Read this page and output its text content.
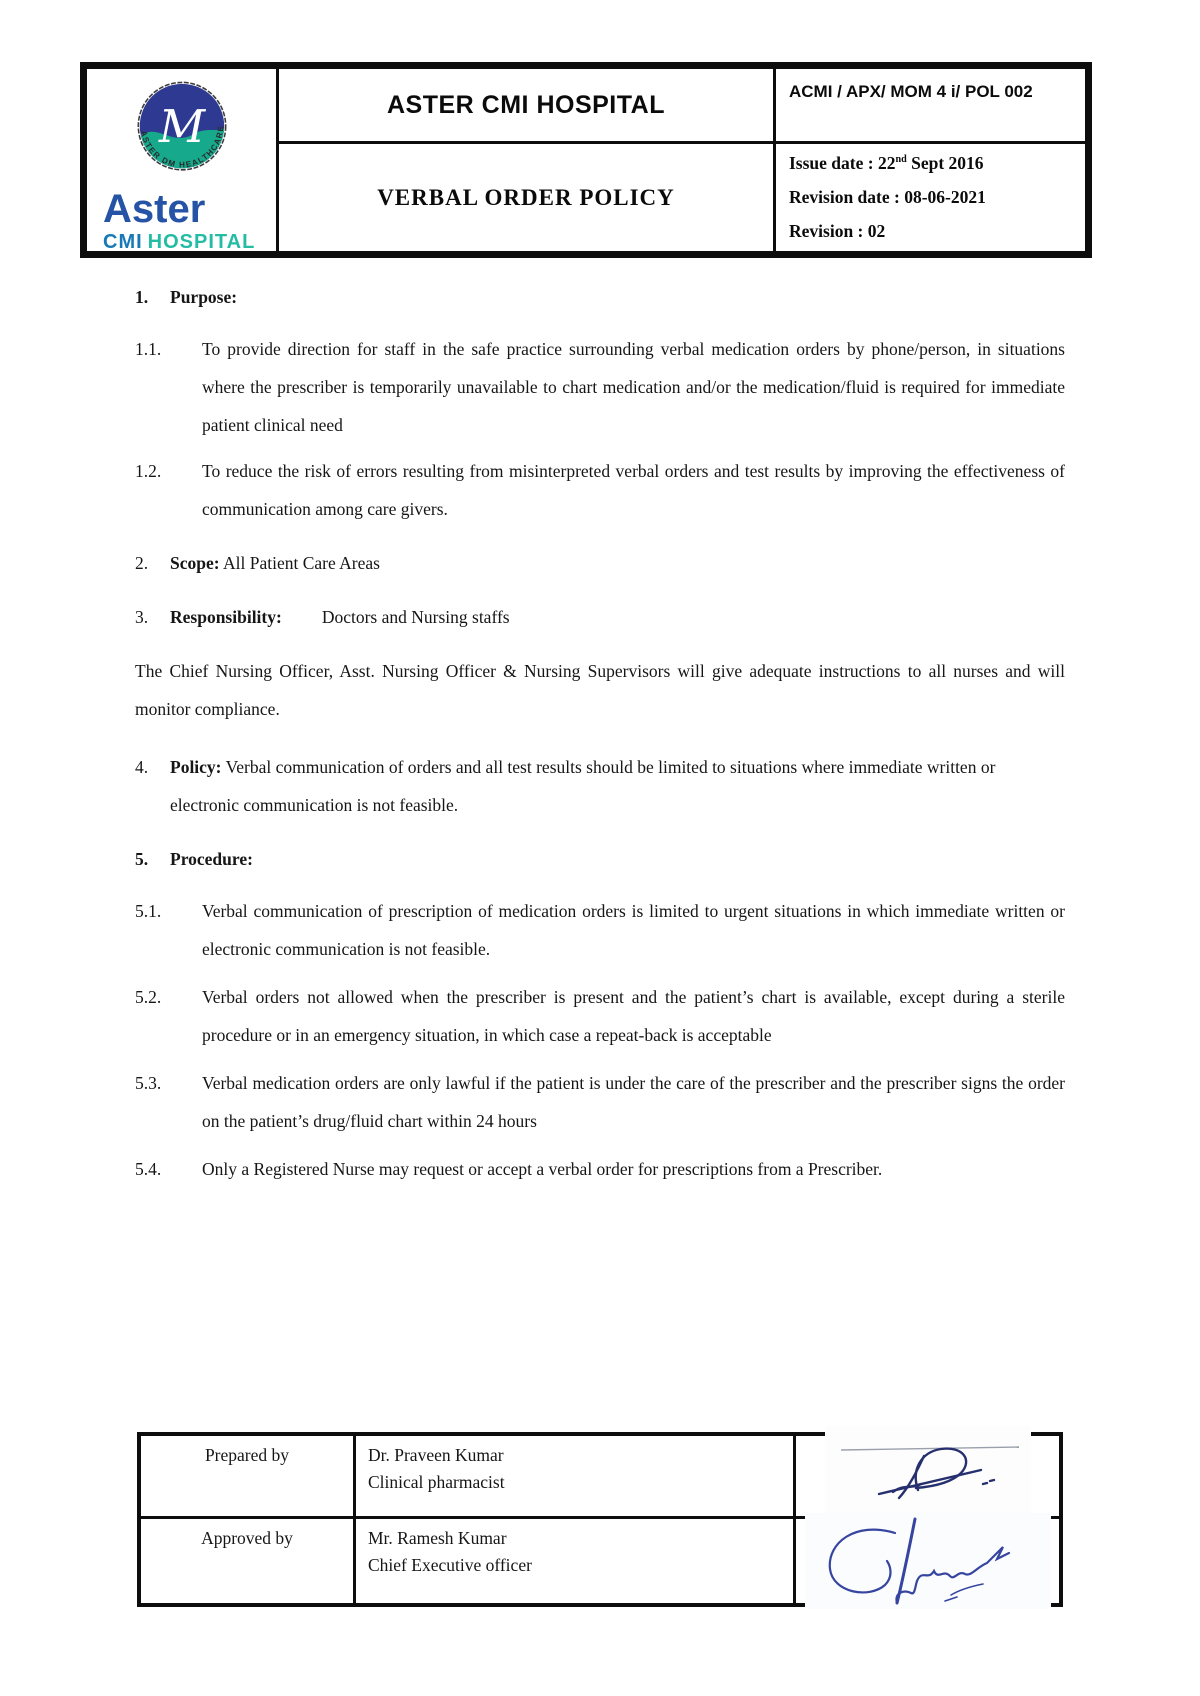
M
ASTER DM HEALTHCARE
Aster
CMI HOSPITAL
ASTER CMI HOSPITAL
VERBAL ORDER POLICY
ACMI / APX/ MOM 4 i/ POL 002
Issue date : 22nd Sept 2016
Revision date : 08-06-2021
Revision : 02
1. Purpose:
1.1. To provide direction for staff in the safe practice surrounding verbal medication orders by phone/person, in situations where the prescriber is temporarily unavailable to chart medication and/or the medication/fluid is required for immediate patient clinical need
1.2. To reduce the risk of errors resulting from misinterpreted verbal orders and test results by improving the effectiveness of communication among care givers.
2. Scope: All Patient Care Areas
3. Responsibility: Doctors and Nursing staffs
The Chief Nursing Officer, Asst. Nursing Officer & Nursing Supervisors will give adequate instructions to all nurses and will monitor compliance.
4. Policy: Verbal communication of orders and all test results should be limited to situations where immediate written or electronic communication is not feasible.
5. Procedure:
5.1. Verbal communication of prescription of medication orders is limited to urgent situations in which immediate written or electronic communication is not feasible.
5.2. Verbal orders not allowed when the prescriber is present and the patient’s chart is available, except during a sterile procedure or in an emergency situation, in which case a repeat-back is acceptable
5.3. Verbal medication orders are only lawful if the patient is under the care of the prescriber and the prescriber signs the order on the patient’s drug/fluid chart within 24 hours
5.4. Only a Registered Nurse may request or accept a verbal order for prescriptions from a Prescriber.
Prepared by	Dr. Praveen Kumar
Clinical pharmacist
Approved by	Mr. Ramesh Kumar
Chief Executive officer
